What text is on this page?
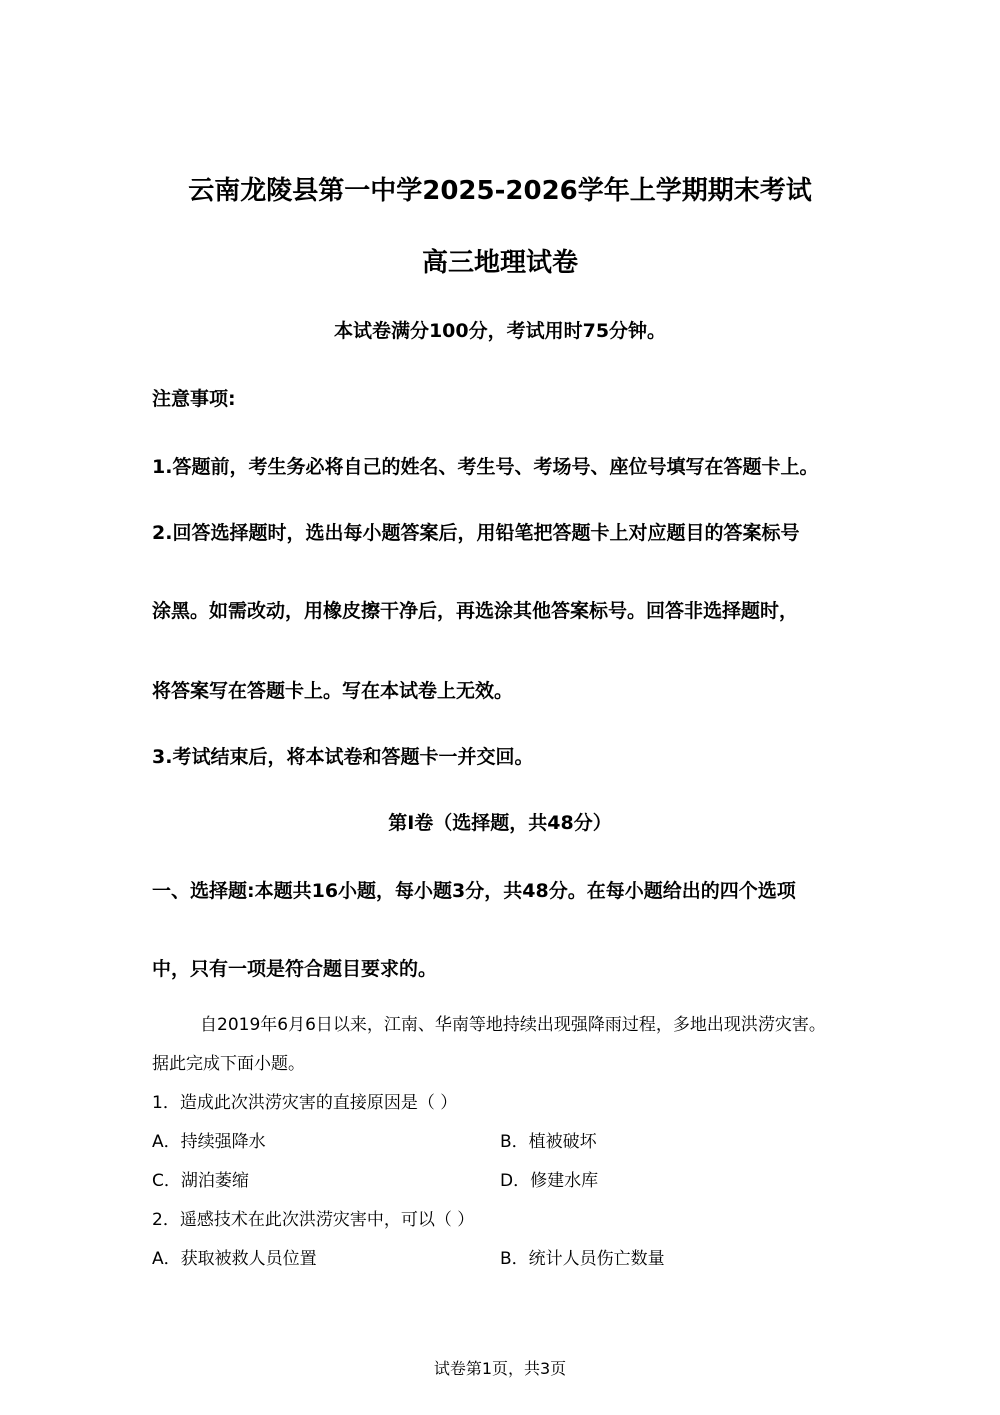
云南龙陵县第一中学2025-2026学年上学期期末考试
高三地理试卷
本试卷满分100分，考试用时75分钟。
注意事项:
1.答题前，考生务必将自己的姓名、考生号、考场号、座位号填写在答题卡上。
2.回答选择题时，选出每小题答案后，用铅笔把答题卡上对应题目的答案标号
涂黑。如需改动，用橡皮擦干净后，再选涂其他答案标号。回答非选择题时，
将答案写在答题卡上。写在本试卷上无效。
3.考试结束后，将本试卷和答题卡一并交回。
第Ⅰ卷（选择题，共48分）
一、选择题:本题共16小题，每小题3分，共48分。在每小题给出的四个选项
中，只有一项是符合题目要求的。
自2019年6月6日以来，江南、华南等地持续出现强降雨过程，多地出现洪涝灾害。
据此完成下面小题。
1．造成此次洪涝灾害的直接原因是（ ）
A．持续强降水	B．植被破坏
C．湖泊萎缩	D．修建水库
2．遥感技术在此次洪涝灾害中，可以（ ）
A．获取被救人员位置	B．统计人员伤亡数量
试卷第1页，共3页
